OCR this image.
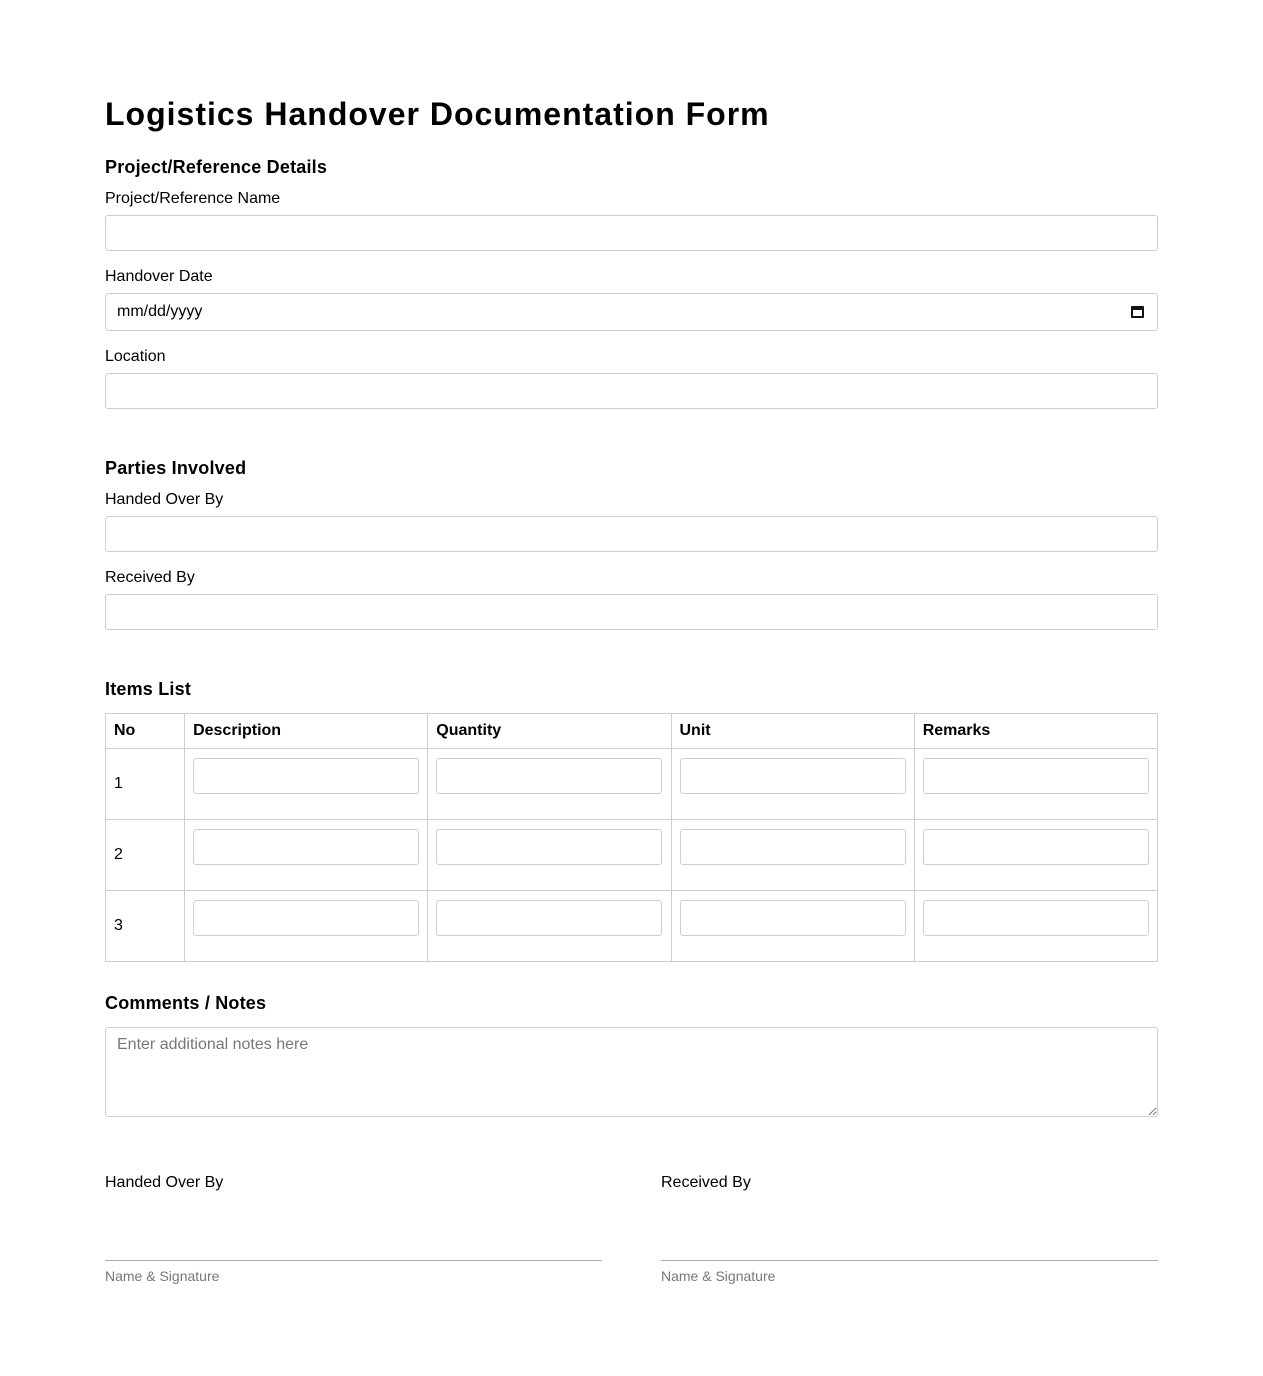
Logistics Handover Documentation Form
Project/Reference Details
Project/Reference Name
Handover Date
mm/dd/yyyy
Location
Parties Involved
Handed Over By
Received By
Items List
No	Description	Quantity	Unit	Remarks
1	

2	

3	

Comments / Notes
Enter additional notes here
Handed Over By
Name & Signature
Received By
Name & Signature
